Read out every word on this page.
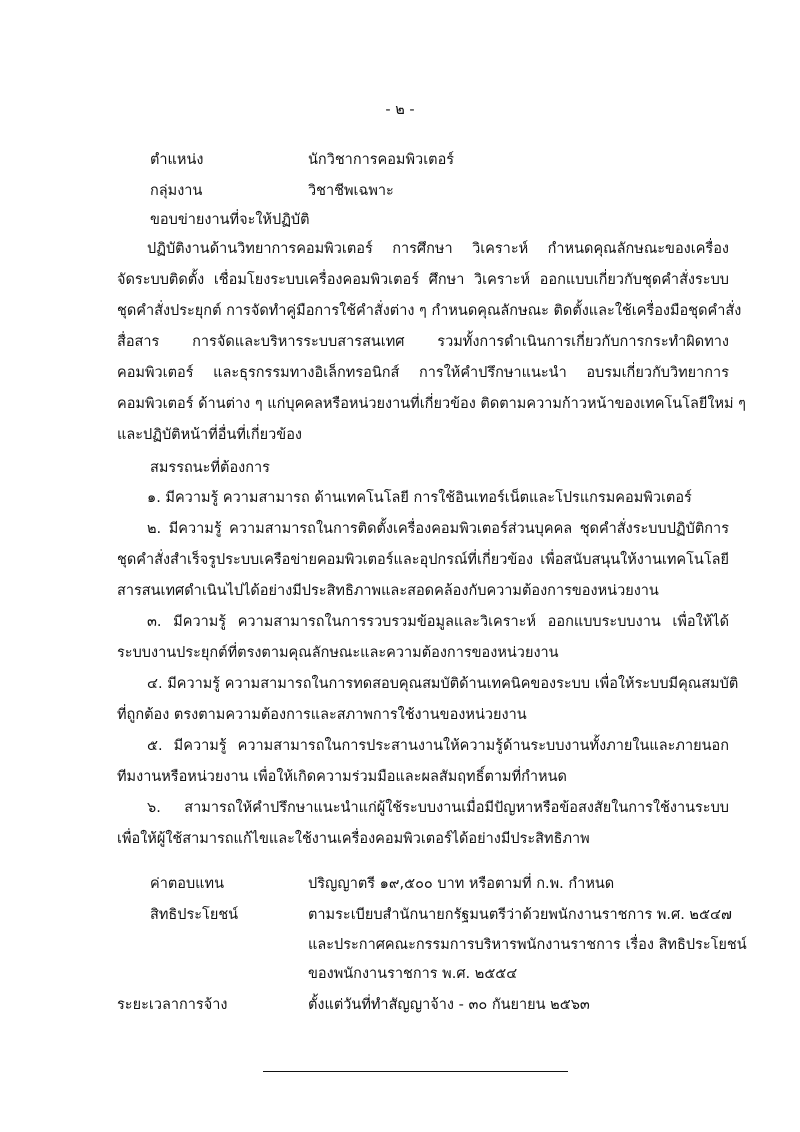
- ๒ -
ตำแหน่ง	นักวิชาการคอมพิวเตอร์
กลุ่มงาน	วิชาชีพเฉพาะ
ขอบข่ายงานที่จะให้ปฏิบัติ
ปฏิบัติงานด้านวิทยาการคอมพิวเตอร์ การศึกษา วิเคราะห์ กำหนดคุณลักษณะของเครื่อง
จัดระบบติดตั้ง เชื่อมโยงระบบเครื่องคอมพิวเตอร์ ศึกษา วิเคราะห์ ออกแบบเกี่ยวกับชุดคำสั่งระบบ
ชุดคำสั่งประยุกต์ การจัดทำคู่มือการใช้คำสั่งต่าง ๆ กำหนดคุณลักษณะ ติดตั้งและใช้เครื่องมือชุดคำสั่ง
สื่อสาร การจัดและบริหารระบบสารสนเทศ รวมทั้งการดำเนินการเกี่ยวกับการกระทำผิดทาง
คอมพิวเตอร์ และธุรกรรมทางอิเล็กทรอนิกส์ การให้คำปรึกษาแนะนำ อบรมเกี่ยวกับวิทยาการ
คอมพิวเตอร์ ด้านต่าง ๆ แก่บุคคลหรือหน่วยงานที่เกี่ยวข้อง ติดตามความก้าวหน้าของเทคโนโลยีใหม่ ๆ
และปฏิบัติหน้าที่อื่นที่เกี่ยวข้อง
สมรรถนะที่ต้องการ
๑. มีความรู้ ความสามารถ ด้านเทคโนโลยี การใช้อินเทอร์เน็ตและโปรแกรมคอมพิวเตอร์
๒. มีความรู้ ความสามารถในการติดตั้งเครื่องคอมพิวเตอร์ส่วนบุคคล ชุดคำสั่งระบบปฏิบัติการ
ชุดคำสั่งสำเร็จรูประบบเครือข่ายคอมพิวเตอร์และอุปกรณ์ที่เกี่ยวข้อง เพื่อสนับสนุนให้งานเทคโนโลยี
สารสนเทศดำเนินไปได้อย่างมีประสิทธิภาพและสอดคล้องกับความต้องการของหน่วยงาน
๓. มีความรู้ ความสามารถในการรวบรวมข้อมูลและวิเคราะห์ ออกแบบระบบงาน เพื่อให้ได้
ระบบงานประยุกต์ที่ตรงตามคุณลักษณะและความต้องการของหน่วยงาน
๔. มีความรู้ ความสามารถในการทดสอบคุณสมบัติด้านเทคนิคของระบบ เพื่อให้ระบบมีคุณสมบัติ
ที่ถูกต้อง ตรงตามความต้องการและสภาพการใช้งานของหน่วยงาน
๕. มีความรู้ ความสามารถในการประสานงานให้ความรู้ด้านระบบงานทั้งภายในและภายนอก
ทีมงานหรือหน่วยงาน เพื่อให้เกิดความร่วมมือและผลสัมฤทธิ์ตามที่กำหนด
๖. สามารถให้คำปรึกษาแนะนำแก่ผู้ใช้ระบบงานเมื่อมีปัญหาหรือข้อสงสัยในการใช้งานระบบ
เพื่อให้ผู้ใช้สามารถแก้ไขและใช้งานเครื่องคอมพิวเตอร์ได้อย่างมีประสิทธิภาพ
ค่าตอบแทน	ปริญญาตรี ๑๙,๕๐๐ บาท หรือตามที่ ก.พ. กำหนด
สิทธิประโยชน์	ตามระเบียบสำนักนายกรัฐมนตรีว่าด้วยพนักงานราชการ พ.ศ. ๒๕๔๗
และประกาศคณะกรรมการบริหารพนักงานราชการ เรื่อง สิทธิประโยชน์
ของพนักงานราชการ พ.ศ. ๒๕๕๔
ระยะเวลาการจ้าง	ตั้งแต่วันที่ทำสัญญาจ้าง - ๓๐ กันยายน ๒๕๖๓
